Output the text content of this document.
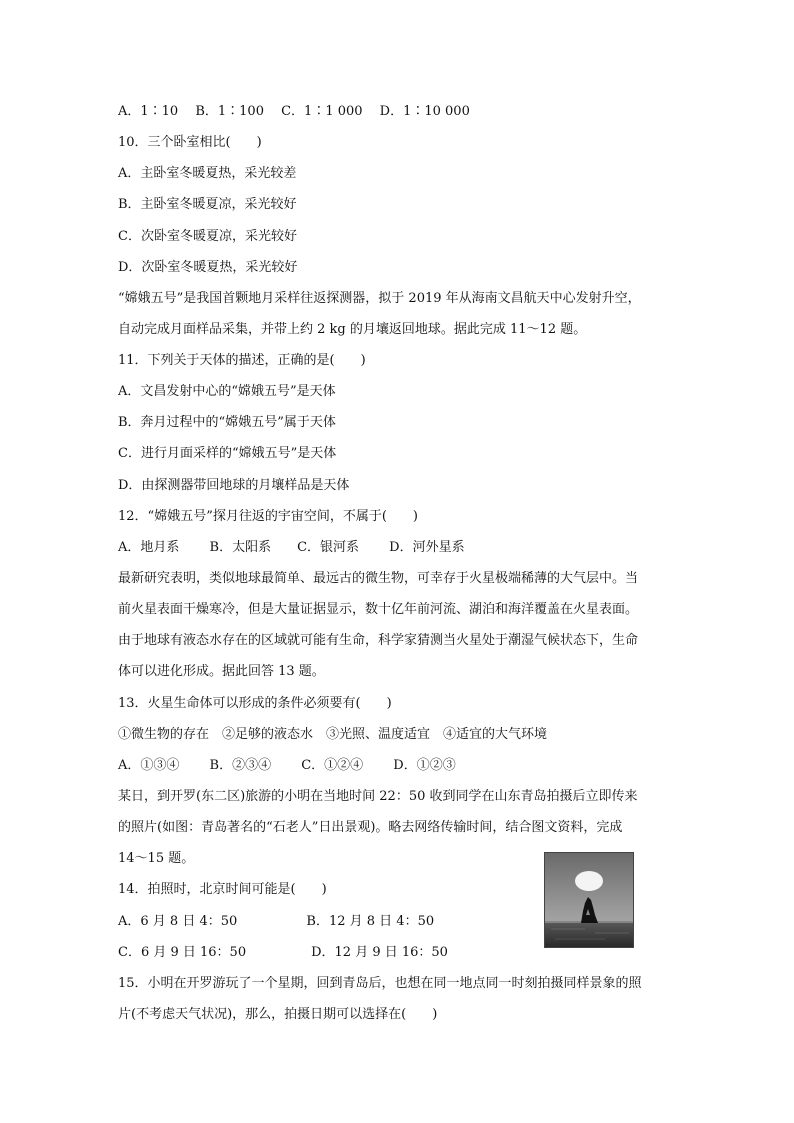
A．1∶10　 B．1∶100　 C．1∶1 000　 D．1∶10 000
10．三个卧室相比(　　)
A．主卧室冬暖夏热，采光较差
B．主卧室冬暖夏凉，采光较好
C．次卧室冬暖夏凉，采光较好
D．次卧室冬暖夏热，采光较好
“嫦娥五号”是我国首颗地月采样往返探测器，拟于 2019 年从海南文昌航天中心发射升空，
自动完成月面样品采集，并带上约 2 kg 的月壤返回地球。据此完成 11～12 题。
11．下列关于天体的描述，正确的是(　　)
A．文昌发射中心的“嫦娥五号”是天体
B．奔月过程中的“嫦娥五号”属于天体
C．进行月面采样的“嫦娥五号”是天体
D．由探测器带回地球的月壤样品是天体
12．“嫦娥五号”探月往返的宇宙空间，不属于(　　)
A．地月系　　 B．太阳系　　C．银河系　　 D．河外星系
最新研究表明，类似地球最简单、最远古的微生物，可幸存于火星极端稀薄的大气层中。当
前火星表面干燥寒冷，但是大量证据显示，数十亿年前河流、湖泊和海洋覆盖在火星表面。
由于地球有液态水存在的区域就可能有生命，科学家猜测当火星处于潮湿气候状态下，生命
体可以进化形成。据此回答 13 题。
13．火星生命体可以形成的条件必须要有(　　)
①微生物的存在　②足够的液态水　③光照、温度适宜　④适宜的大气环境
A．①③④　　 B．②③④　　 C．①②④　　 D．①②③
某日，到开罗(东二区)旅游的小明在当地时间 22：50 收到同学在山东青岛拍摄后立即传来
的照片(如图：青岛著名的“石老人”日出景观)。略去网络传输时间，结合图文资料，完成
14～15 题。
14．拍照时，北京时间可能是(　　)
A．6 月 8 日 4：50　　　　　 B．12 月 8 日 4：50
C．6 月 9 日 16：50　　　　　D．12 月 9 日 16：50
15．小明在开罗游玩了一个星期，回到青岛后，也想在同一地点同一时刻拍摄同样景象的照
片(不考虑天气状况)，那么，拍摄日期可以选择在(　　)
